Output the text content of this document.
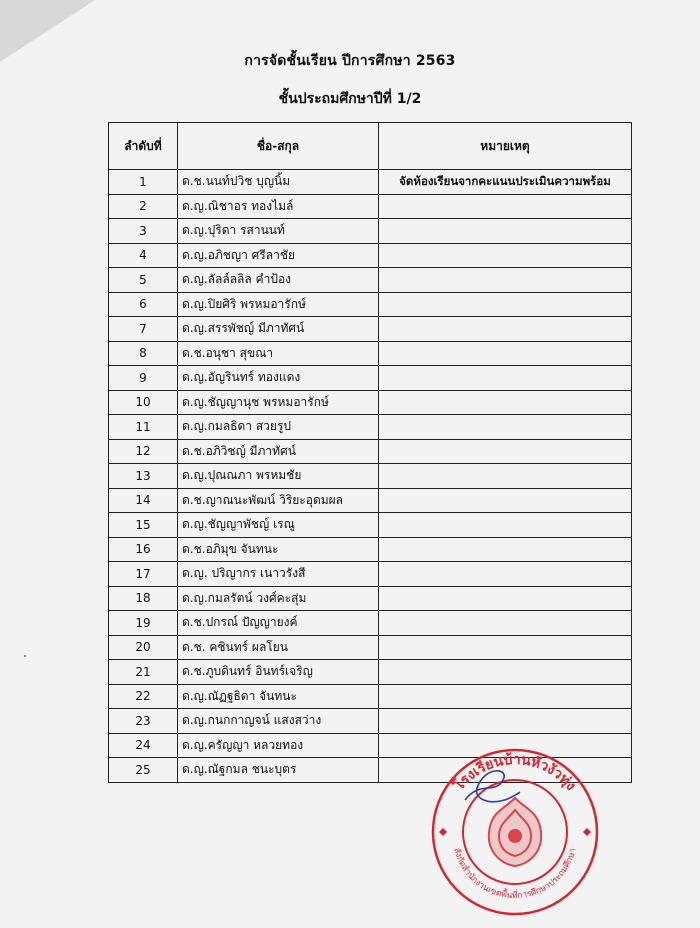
การจัดชั้นเรียน ปีการศึกษา 2563
ชั้นประถมศึกษาปีที่ 1/2
ลำดับที่	ชื่อ-สกุล	หมายเหตุ
1	ด.ช.นนท์ปวิช บุญนิ้ม	จัดห้องเรียนจากคะแนนประเมินความพร้อม
2	ด.ญ.ณิชาอร ทองไมล์	
3	ด.ญ.ปุริดา รสานนท์	
4	ด.ญ.อภิชญา ศรีลาชัย	
5	ด.ญ.ลัลล์ลลิล คำป้อง	
6	ด.ญ.ปิยศิริ พรหมอารักษ์	
7	ด.ญ.สรรพัชญ์ มีภาทัศน์	
8	ด.ช.อนุชา สุขณา	
9	ด.ญ.อัญรินทร์ ทองแดง	
10	ด.ญ.ชัญญานุช พรหมอารักษ์	
11	ด.ญ.กมลธิดา สวยรูป	
12	ด.ช.อภิวิชญ์ มีภาทัศน์	
13	ด.ญ.ปุณณภา พรหมชัย	
14	ด.ช.ญาณนะพัฒน์ วิริยะอุดมผล	
15	ด.ญ.ชัญญาพัชญ์ เรณู	
16	ด.ช.อภิมุข จันทนะ	
17	ด.ญ. ปริญากร เนาวรังสี	
18	ด.ญ.กมลรัตน์ วงศ์คะสุ่ม	
19	ด.ช.ปกรณ์ ปัญญายงค์	
20	ด.ช. คชินทร์ ผลโยน	
21	ด.ช.ภูบดินทร์ อินทร์เจริญ	
22	ด.ญ.ณัฏฐธิดา จันทนะ	
23	ด.ญ.กนกกาญจน์ แสงสว่าง	
24	ด.ญ.ครัญญา หลวยทอง	
25	ด.ญ.ณัฐกมล ชนะบุตร	
โรงเรียนบ้านหัวงัวทุ่ง
สังกัดสำนักงานเขตพื้นที่การศึกษาประถมศึกษา
